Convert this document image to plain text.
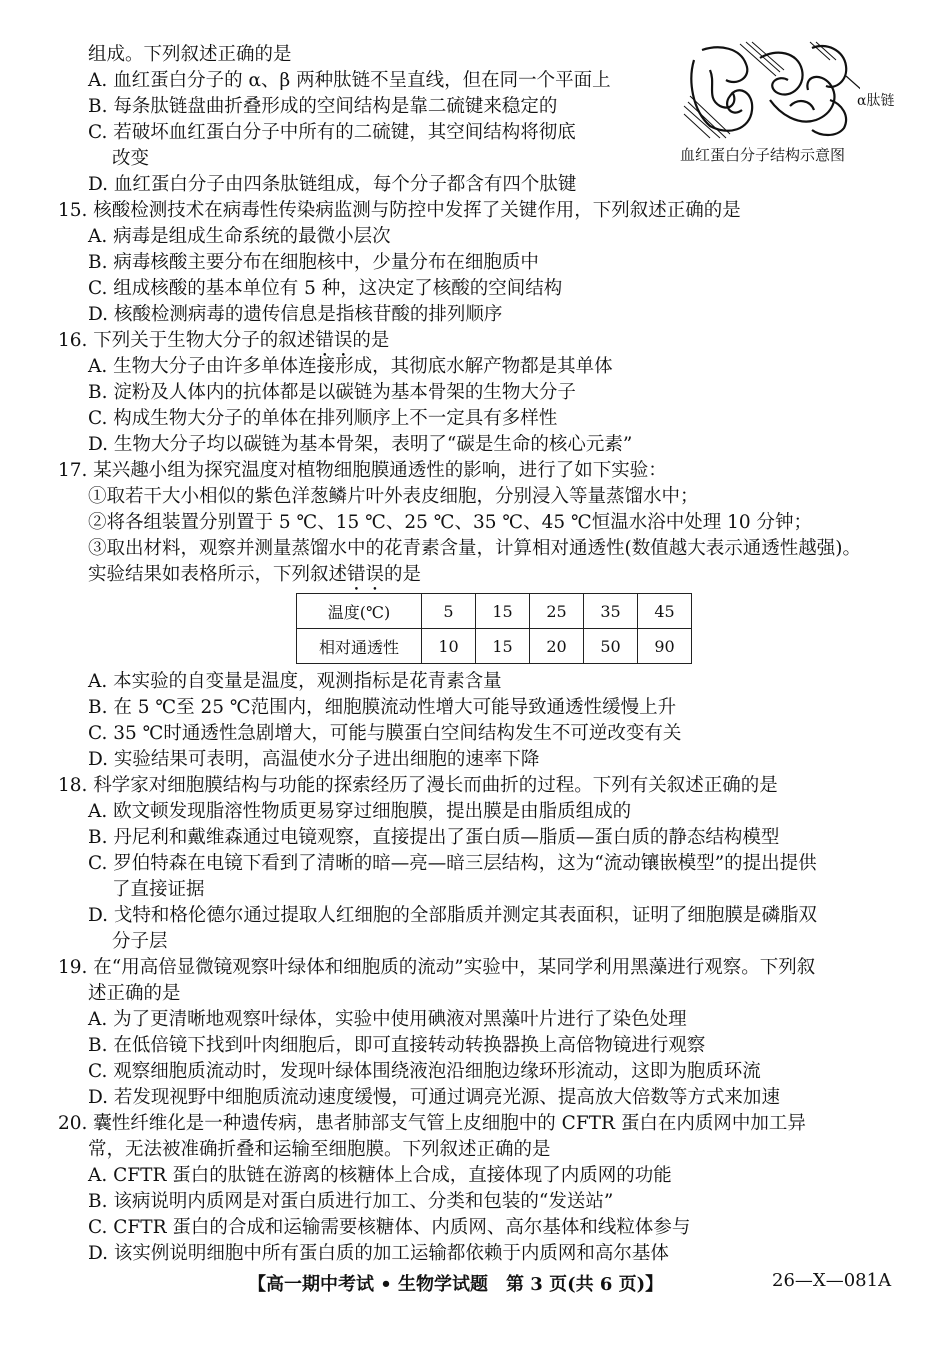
组成。下列叙述正确的是
A. 血红蛋白分子的 α、β 两种肽链不呈直线，但在同一个平面上
B. 每条肽链盘曲折叠形成的空间结构是靠二硫键来稳定的
C. 若破坏血红蛋白分子中所有的二硫键，其空间结构将彻底
改变
D. 血红蛋白分子由四条肽链组成，每个分子都含有四个肽键
α肽链
血红蛋白分子结构示意图
15. 核酸检测技术在病毒性传染病监测与防控中发挥了关键作用，下列叙述正确的是
A. 病毒是组成生命系统的最微小层次
B. 病毒核酸主要分布在细胞核中，少量分布在细胞质中
C. 组成核酸的基本单位有 5 种，这决定了核酸的空间结构
D. 核酸检测病毒的遗传信息是指核苷酸的排列顺序
16. 下列关于生物大分子的叙述错误的是
A. 生物大分子由许多单体连接形成，其彻底水解产物都是其单体
B. 淀粉及人体内的抗体都是以碳链为基本骨架的生物大分子
C. 构成生物大分子的单体在排列顺序上不一定具有多样性
D. 生物大分子均以碳链为基本骨架，表明了“碳是生命的核心元素”
17. 某兴趣小组为探究温度对植物细胞膜通透性的影响，进行了如下实验：
①取若干大小相似的紫色洋葱鳞片叶外表皮细胞，分别浸入等量蒸馏水中；
②将各组装置分别置于 5 ℃、15 ℃、25 ℃、35 ℃、45 ℃恒温水浴中处理 10 分钟；
③取出材料，观察并测量蒸馏水中的花青素含量，计算相对通透性(数值越大表示通透性越强)。
实验结果如表格所示，下列叙述错误的是
温度(℃)	5	15	25	35	45
相对通透性	10	15	20	50	90
A. 本实验的自变量是温度，观测指标是花青素含量
B. 在 5 ℃至 25 ℃范围内，细胞膜流动性增大可能导致通透性缓慢上升
C. 35 ℃时通透性急剧增大，可能与膜蛋白空间结构发生不可逆改变有关
D. 实验结果可表明，高温使水分子进出细胞的速率下降
18. 科学家对细胞膜结构与功能的探索经历了漫长而曲折的过程。下列有关叙述正确的是
A. 欧文顿发现脂溶性物质更易穿过细胞膜，提出膜是由脂质组成的
B. 丹尼利和戴维森通过电镜观察，直接提出了蛋白质—脂质—蛋白质的静态结构模型
C. 罗伯特森在电镜下看到了清晰的暗—亮—暗三层结构，这为“流动镶嵌模型”的提出提供
了直接证据
D. 戈特和格伦德尔通过提取人红细胞的全部脂质并测定其表面积，证明了细胞膜是磷脂双
分子层
19. 在“用高倍显微镜观察叶绿体和细胞质的流动”实验中，某同学利用黑藻进行观察。下列叙
述正确的是
A. 为了更清晰地观察叶绿体，实验中使用碘液对黑藻叶片进行了染色处理
B. 在低倍镜下找到叶肉细胞后，即可直接转动转换器换上高倍物镜进行观察
C. 观察细胞质流动时，发现叶绿体围绕液泡沿细胞边缘环形流动，这即为胞质环流
D. 若发现视野中细胞质流动速度缓慢，可通过调亮光源、提高放大倍数等方式来加速
20. 囊性纤维化是一种遗传病，患者肺部支气管上皮细胞中的 CFTR 蛋白在内质网中加工异
常，无法被准确折叠和运输至细胞膜。下列叙述正确的是
A. CFTR 蛋白的肽链在游离的核糖体上合成，直接体现了内质网的功能
B. 该病说明内质网是对蛋白质进行加工、分类和包装的“发送站”
C. CFTR 蛋白的合成和运输需要核糖体、内质网、高尔基体和线粒体参与
D. 该实例说明细胞中所有蛋白质的加工运输都依赖于内质网和高尔基体
【高一期中考试 • 生物学试题　第 3 页(共 6 页)】	26—X—081A
